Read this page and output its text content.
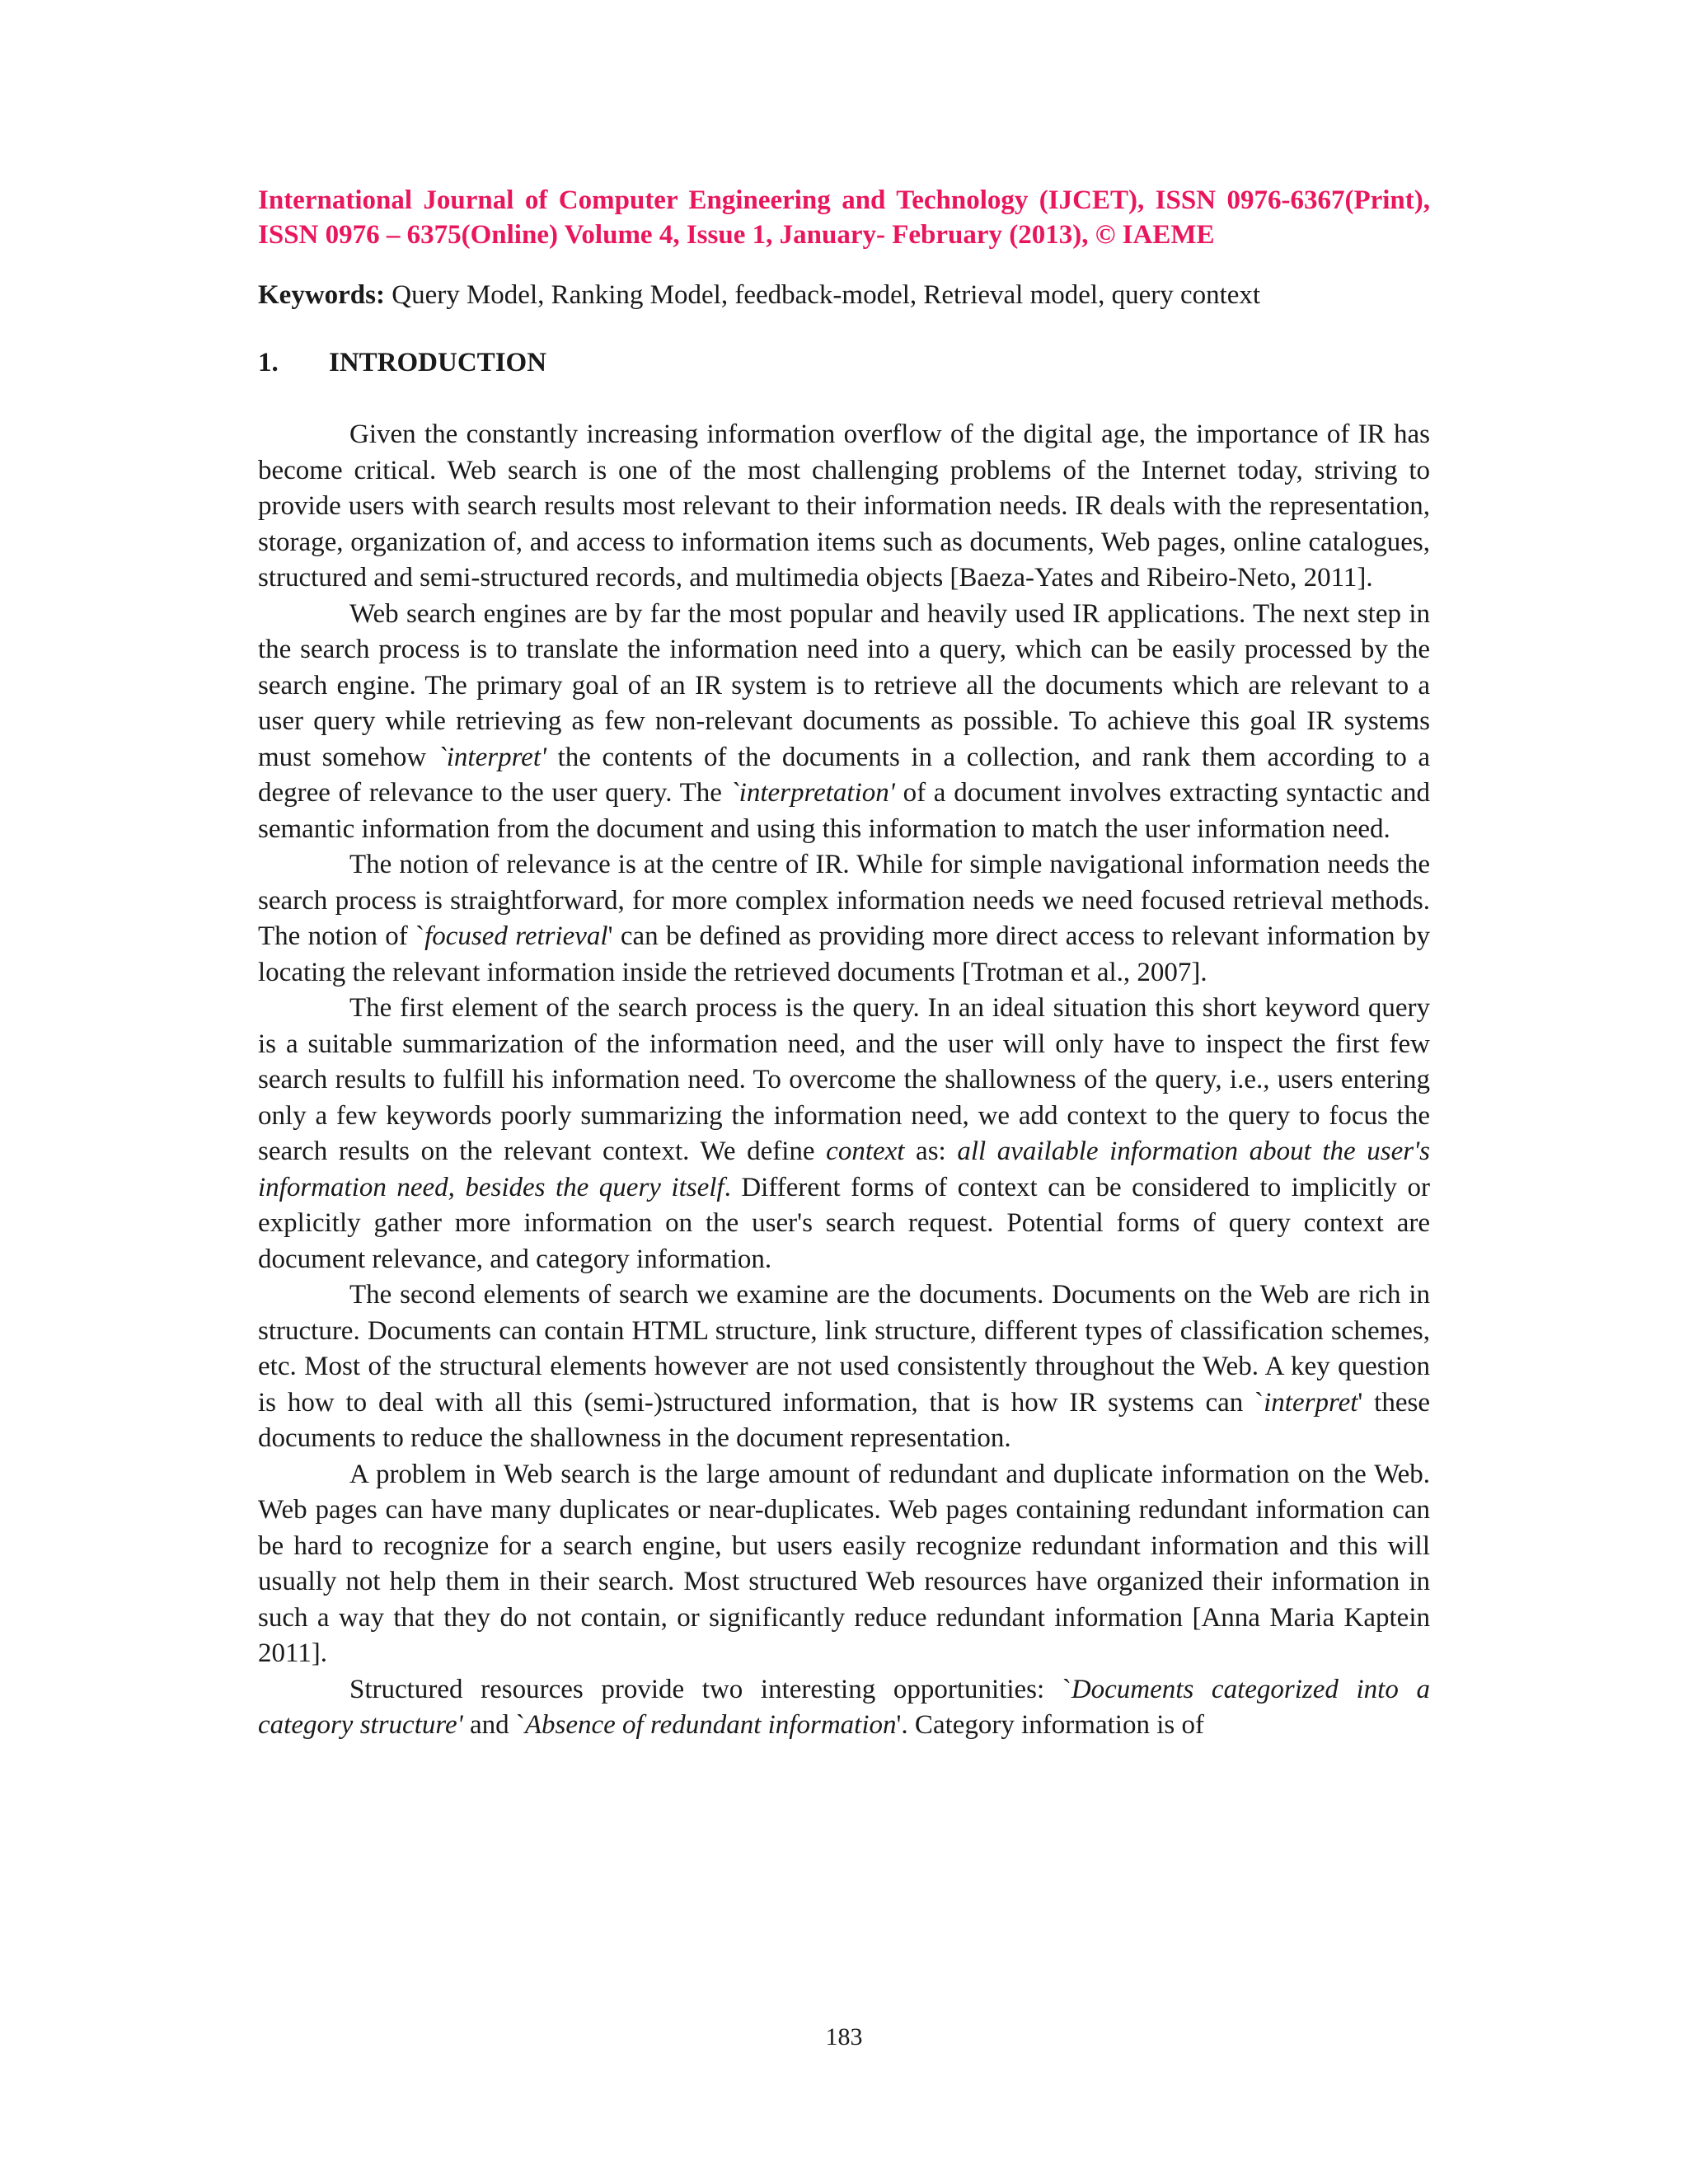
International Journal of Computer Engineering and Technology (IJCET), ISSN 0976-6367(Print), ISSN 0976 – 6375(Online) Volume 4, Issue 1, January- February (2013), © IAEME

Keywords: Query Model, Ranking Model, feedback-model, Retrieval model, query context

1.	INTRODUCTION

Given the constantly increasing information overflow of the digital age, the importance of IR has become critical. Web search is one of the most challenging problems of the Internet today, striving to provide users with search results most relevant to their information needs. IR deals with the representation, storage, organization of, and access to information items such as documents, Web pages, online catalogues, structured and semi-structured records, and multimedia objects [Baeza-Yates and Ribeiro-Neto, 2011].

Web search engines are by far the most popular and heavily used IR applications. The next step in the search process is to translate the information need into a query, which can be easily processed by the search engine. The primary goal of an IR system is to retrieve all the documents which are relevant to a user query while retrieving as few non-relevant documents as possible. To achieve this goal IR systems must somehow `interpret' the contents of the documents in a collection, and rank them according to a degree of relevance to the user query. The `interpretation' of a document involves extracting syntactic and semantic information from the document and using this information to match the user information need.

The notion of relevance is at the centre of IR. While for simple navigational information needs the search process is straightforward, for more complex information needs we need focused retrieval methods. The notion of `focused retrieval' can be defined as providing more direct access to relevant information by locating the relevant information inside the retrieved documents [Trotman et al., 2007].

The first element of the search process is the query. In an ideal situation this short keyword query is a suitable summarization of the information need, and the user will only have to inspect the first few search results to fulfill his information need. To overcome the shallowness of the query, i.e., users entering only a few keywords poorly summarizing the information need, we add context to the query to focus the search results on the relevant context. We define context as: all available information about the user's information need, besides the query itself. Different forms of context can be considered to implicitly or explicitly gather more information on the user's search request. Potential forms of query context are document relevance, and category information.

The second elements of search we examine are the documents. Documents on the Web are rich in structure. Documents can contain HTML structure, link structure, different types of classification schemes, etc. Most of the structural elements however are not used consistently throughout the Web. A key question is how to deal with all this (semi-)structured information, that is how IR systems can `interpret' these documents to reduce the shallowness in the document representation.

A problem in Web search is the large amount of redundant and duplicate information on the Web. Web pages can have many duplicates or near-duplicates. Web pages containing redundant information can be hard to recognize for a search engine, but users easily recognize redundant information and this will usually not help them in their search. Most structured Web resources have organized their information in such a way that they do not contain, or significantly reduce redundant information [Anna Maria Kaptein 2011].

Structured resources provide two interesting opportunities: `Documents categorized into a category structure' and `Absence of redundant information'. Category information is of

183
